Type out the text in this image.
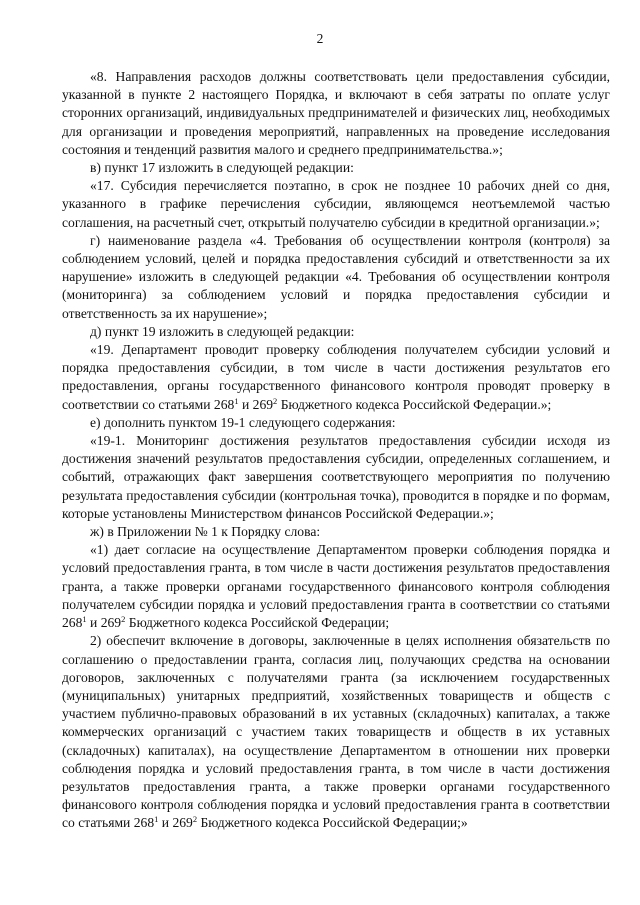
2

«8. Направления расходов должны соответствовать цели предоставления субсидии, указанной в пункте 2 настоящего Порядка, и включают в себя затраты по оплате услуг сторонних организаций, индивидуальных предпринимателей и физических лиц, необходимых для организации и проведения мероприятий, направленных на проведение исследования состояния и тенденций развития малого и среднего предпринимательства.»;

в) пункт 17 изложить в следующей редакции:

«17. Субсидия перечисляется поэтапно, в срок не позднее 10 рабочих дней со дня, указанного в графике перечисления субсидии, являющемся неотъемлемой частью соглашения, на расчетный счет, открытый получателю субсидии в кредитной организации.»;

г) наименование раздела «4. Требования об осуществлении контроля (контроля) за соблюдением условий, целей и порядка предоставления субсидий и ответственности за их нарушение» изложить в следующей редакции «4. Требования об осуществлении контроля (мониторинга) за соблюдением условий и порядка предоставления субсидии и ответственность за их нарушение»;

д) пункт 19 изложить в следующей редакции:

«19. Департамент проводит проверку соблюдения получателем субсидии условий и порядка предоставления субсидии, в том числе в части достижения результатов его предоставления, органы государственного финансового контроля проводят проверку в соответствии со статьями $268^1$ и $269^2$ Бюджетного кодекса Российской Федерации.»;

е) дополнить пунктом 19-1 следующего содержания:

«19-1. Мониторинг достижения результатов предоставления субсидии исходя из достижения значений результатов предоставления субсидии, определенных соглашением, и событий, отражающих факт завершения соответствующего мероприятия по получению результата предоставления субсидии (контрольная точка), проводится в порядке и по формам, которые установлены Министерством финансов Российской Федерации.»;

ж) в Приложении № 1 к Порядку слова:

«1) дает согласие на осуществление Департаментом проверки соблюдения порядка и условий предоставления гранта, в том числе в части достижения результатов предоставления гранта, а также проверки органами государственного финансового контроля соблюдения получателем субсидии порядка и условий предоставления гранта в соответствии со статьями $268^1$ и $269^2$ Бюджетного кодекса Российской Федерации;

2) обеспечит включение в договоры, заключенные в целях исполнения обязательств по соглашению о предоставлении гранта, согласия лиц, получающих средства на основании договоров, заключенных с получателями гранта (за исключением государственных (муниципальных) унитарных предприятий, хозяйственных товариществ и обществ с участием публично-правовых образований в их уставных (складочных) капиталах, а также коммерческих организаций с участием таких товариществ и обществ в их уставных (складочных) капиталах), на осуществление Департаментом в отношении них проверки соблюдения порядка и условий предоставления гранта, в том числе в части достижения результатов предоставления гранта, а также проверки органами государственного финансового контроля соблюдения порядка и условий предоставления гранта в соответствии со статьями $268^1$ и $269^2$ Бюджетного кодекса Российской Федерации;»
